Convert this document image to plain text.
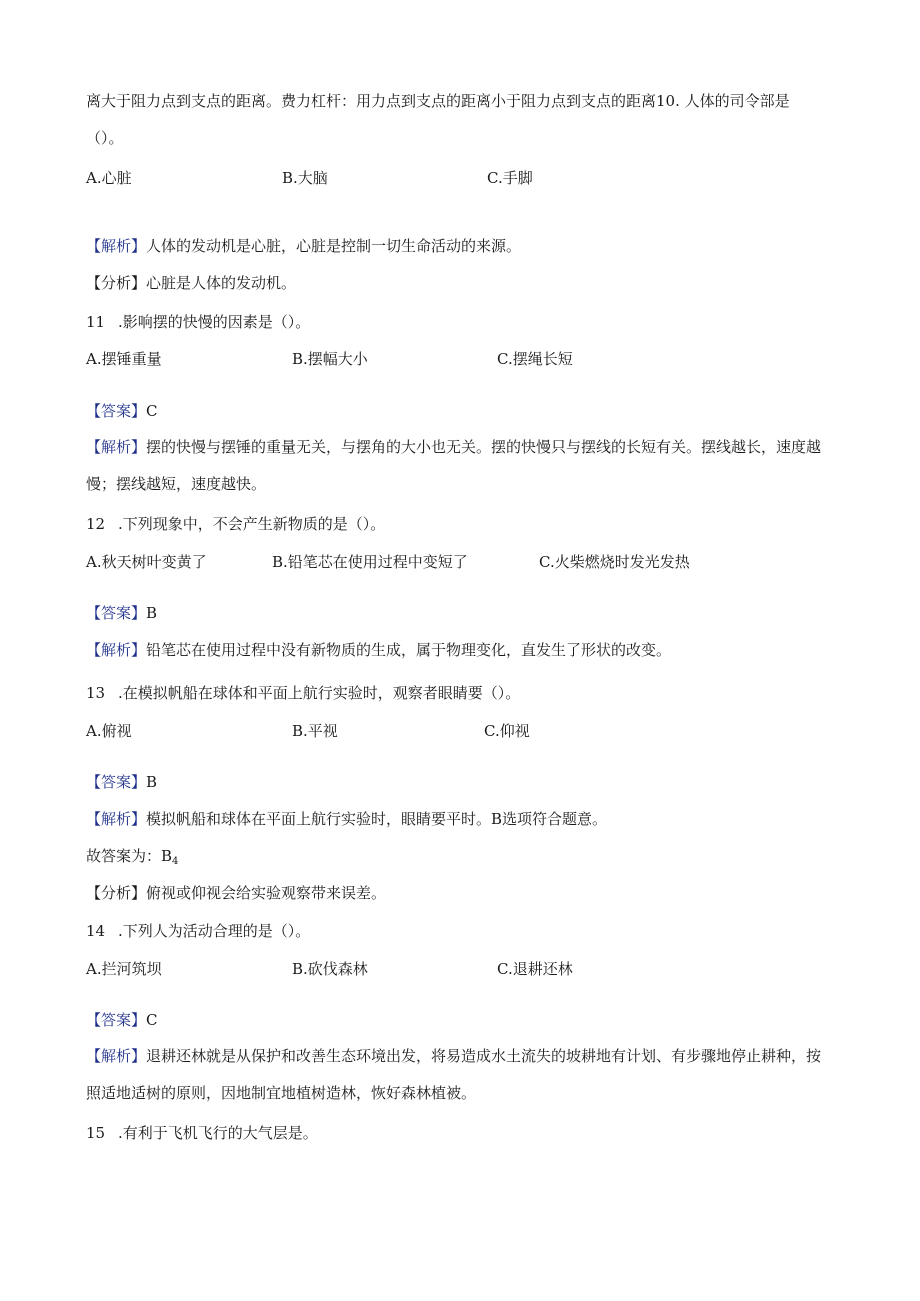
离大于阻力点到支点的距离。费力杠杆：用力点到支点的距离小于阻力点到支点的距离10. 人体的司令部是
（）。
A.心脏	B.大脑	C.手脚
【解析】人体的发动机是心脏，心脏是控制一切生命活动的来源。
【分析】心脏是人体的发动机。
11 .影响摆的快慢的因素是（）。
A.摆锤重量	B.摆幅大小	C.摆绳长短
【答案】C
【解析】摆的快慢与摆锤的重量无关，与摆角的大小也无关。摆的快慢只与摆线的长短有关。摆线越长，速度越慢；摆线越短，速度越快。
12 .下列现象中，不会产生新物质的是（）。
A.秋天树叶变黄了	B.铅笔芯在使用过程中变短了	C.火柴燃烧时发光发热
【答案】B
【解析】铅笔芯在使用过程中没有新物质的生成，属于物理变化，直发生了形状的改变。
13 .在模拟帆船在球体和平面上航行实验时，观察者眼睛要（）。
A.俯视	B.平视	C.仰视
【答案】B
【解析】模拟帆船和球体在平面上航行实验时，眼睛要平时。B选项符合题意。
故答案为：$B_4$
【分析】俯视或仰视会给实验观察带来误差。
14 .下列人为活动合理的是（）。
A.拦河筑坝	B.砍伐森林	C.退耕还林
【答案】C
【解析】退耕还林就是从保护和改善生态环境出发，将易造成水土流失的坡耕地有计划、有步骤地停止耕种，按照适地适树的原则，因地制宜地植树造林，恢好森林植被。
15 .有利于飞机飞行的大气层是。
